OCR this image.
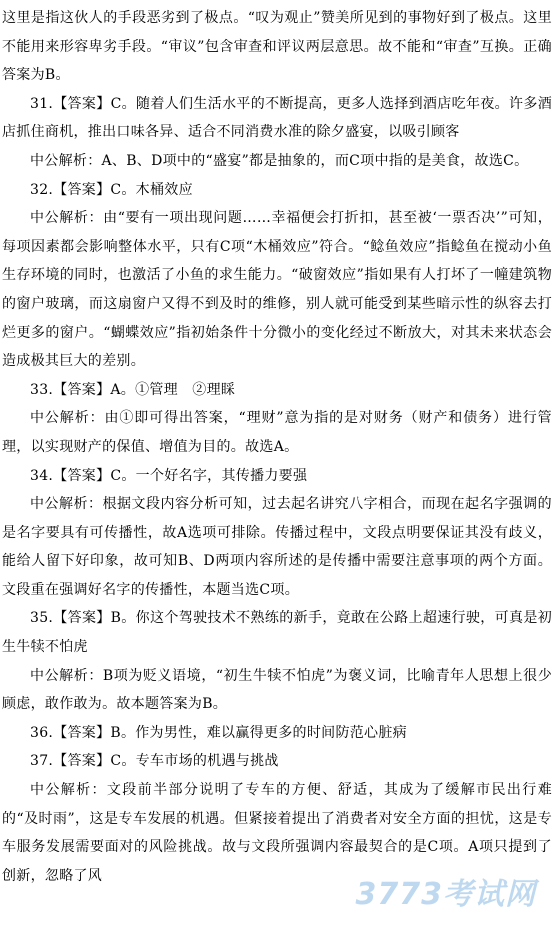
这里是指这伙人的手段恶劣到了极点。“叹为观止”赞美所见到的事物好到了极点。这里不能用来形容卑劣手段。“审议”包含审查和评议两层意思。故不能和“审查”互换。正确答案为B。

31.【答案】C。随着人们生活水平的不断提高，更多人选择到酒店吃年夜。许多酒店抓住商机，推出口味各异、适合不同消费水准的除夕盛宴，以吸引顾客

中公解析：A、B、D项中的“盛宴”都是抽象的，而C项中指的是美食，故选C。

32.【答案】C。木桶效应

中公解析：由“要有一项出现问题……幸福便会打折扣，甚至被‘一票否决’”可知，每项因素都会影响整体水平，只有C项“木桶效应”符合。“鲶鱼效应”指鲶鱼在搅动小鱼生存环境的同时，也激活了小鱼的求生能力。“破窗效应”指如果有人打坏了一幢建筑物的窗户玻璃，而这扇窗户又得不到及时的维修，别人就可能受到某些暗示性的纵容去打烂更多的窗户。“蝴蝶效应”指初始条件十分微小的变化经过不断放大，对其未来状态会造成极其巨大的差别。

33.【答案】A。①管理　②理睬

中公解析：由①即可得出答案，“理财”意为指的是对财务（财产和债务）进行管理，以实现财产的保值、增值为目的。故选A。

34.【答案】C。一个好名字，其传播力要强

中公解析：根据文段内容分析可知，过去起名讲究八字相合，而现在起名字强调的是名字要具有可传播性，故A选项可排除。传播过程中，文段点明要保证其没有歧义，能给人留下好印象，故可知B、D两项内容所述的是传播中需要注意事项的两个方面。文段重在强调好名字的传播性，本题当选C项。

35.【答案】B。你这个驾驶技术不熟练的新手，竟敢在公路上超速行驶，可真是初生牛犊不怕虎

中公解析：B项为贬义语境，“初生牛犊不怕虎”为褒义词，比喻青年人思想上很少顾虑，敢作敢为。故本题答案为B。

36.【答案】B。作为男性，难以赢得更多的时间防范心脏病

37.【答案】C。专车市场的机遇与挑战

中公解析：文段前半部分说明了专车的方便、舒适，其成为了缓解市民出行难的“及时雨”，这是专车发展的机遇。但紧接着提出了消费者对安全方面的担忧，这是专车服务发展需要面对的风险挑战。故与文段所强调内容最契合的是C项。A项只提到了创新，忽略了风

3773考试网
